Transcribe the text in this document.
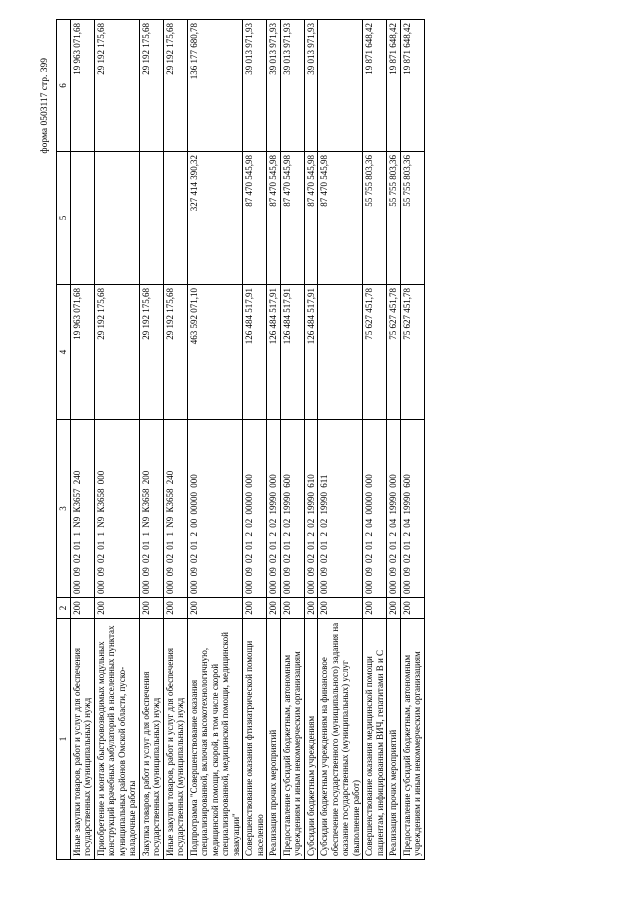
форма 0503117 стр. 399
1	2	3	4	5	6
Иные закупки товаров, работ и услуг для обеспечения государственных (муниципальных) нужд	200	000 09 02 01 1 N9 К3657 240	19 963 071,68		19 963 071,68
Приобретение и монтаж быстровозводимых модульных конструкций врачебных амбулаторий в населенных пунктах муниципальных районов Омской области, пуско-наладочные работы	200	000 09 02 01 1 N9 К3658 000	29 192 175,68		29 192 175,68
Закупка товаров, работ и услуг для обеспечения государственных (муниципальных) нужд	200	000 09 02 01 1 N9 К3658 200	29 192 175,68		29 192 175,68
Иные закупки товаров, работ и услуг для обеспечения государственных (муниципальных) нужд	200	000 09 02 01 1 N9 К3658 240	29 192 175,68		29 192 175,68
Подпрограмма "Совершенствование оказания специализированной, включая высокотехнологичную, медицинской помощи, скорой, в том числе скорой специализированной, медицинской помощи, медицинской эвакуации"	200	000 09 02 01 2 00 00000 000	463 592 071,10	327 414 390,32	136 177 680,78
Совершенствование оказания фтизиатрической помощи населению	200	000 09 02 01 2 02 00000 000	126 484 517,91	87 470 545,98	39 013 971,93
Реализация прочих мероприятий	200	000 09 02 01 2 02 19990 000	126 484 517,91	87 470 545,98	39 013 971,93
Предоставление субсидий бюджетным, автономным учреждениям и иным некоммерческим организациям	200	000 09 02 01 2 02 19990 600	126 484 517,91	87 470 545,98	39 013 971,93
Субсидии бюджетным учреждениям	200	000 09 02 01 2 02 19990 610	126 484 517,91	87 470 545,98	39 013 971,93
Субсидии бюджетным учреждениям на финансовое обеспечение государственного (муниципального) задания на оказание государственных (муниципальных) услуг (выполнение работ)	200	000 09 02 01 2 02 19990 611		87 470 545,98	
Совершенствование оказания медицинской помощи пациентам, инфицированным ВИЧ, гепатитами В и С	200	000 09 02 01 2 04 00000 000	75 627 451,78	55 755 803,36	19 871 648,42
Реализация прочих мероприятий	200	000 09 02 01 2 04 19990 000	75 627 451,78	55 755 803,36	19 871 648,42
Предоставление субсидий бюджетным, автономным учреждениям и иным некоммерческим организациям	200	000 09 02 01 2 04 19990 600	75 627 451,78	55 755 803,36	19 871 648,42
